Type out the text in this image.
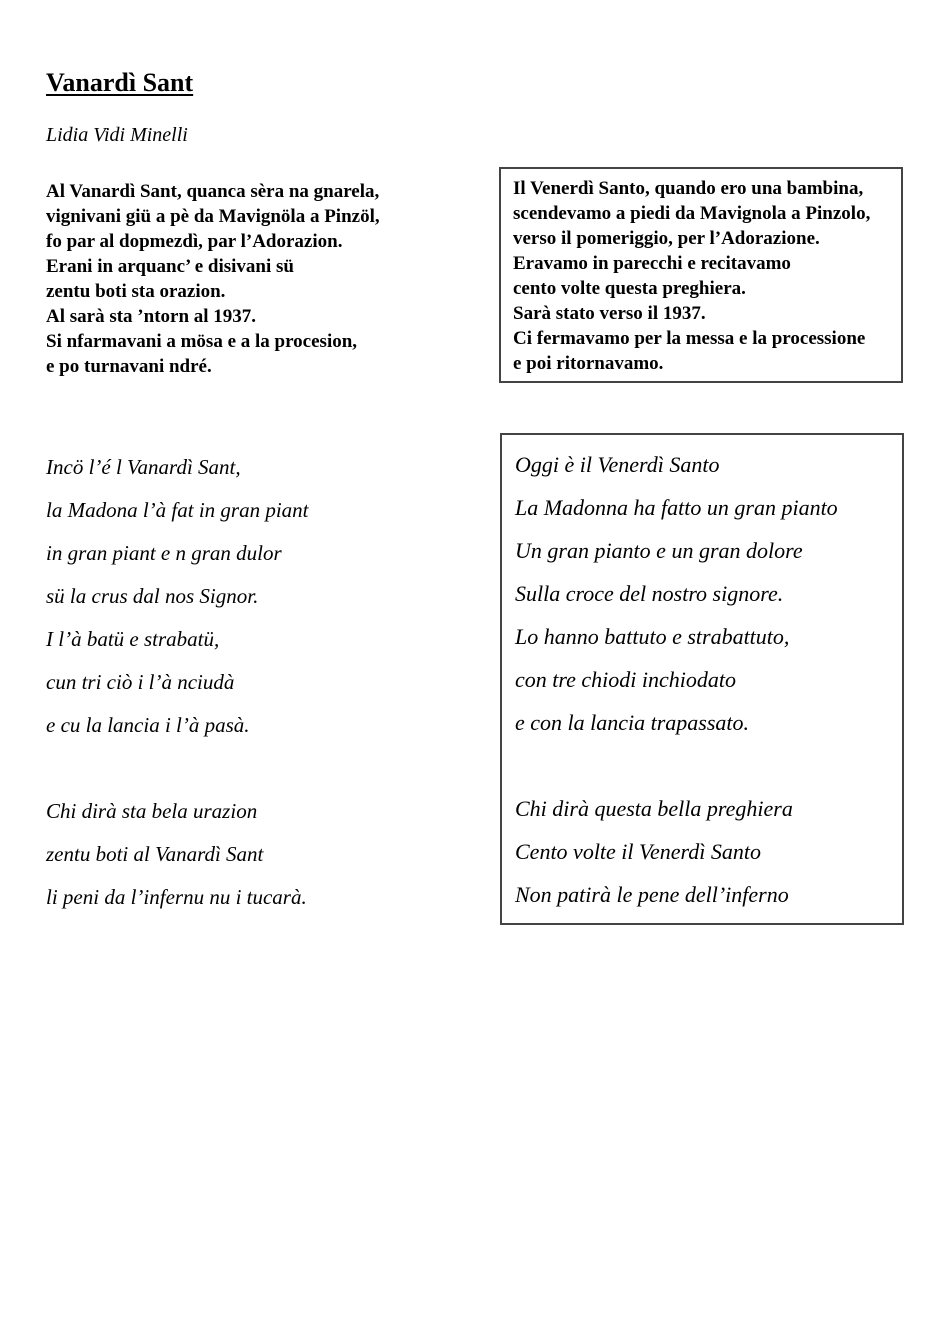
Vanardì Sant

Lidia Vidi Minelli

Al Vanardì Sant, quanca sèra na gnarela,
vignivani giü a pè da Mavignöla a Pinzöl,
fo par al dopmezdì, par l’Adorazion.
Erani in arquanc’ e disivani sü
zentu boti sta orazion.
Al sarà sta ’ntorn al 1937.
Si nfarmavani a mösa e a la procesion,
e po turnavani ndré.
Il Venerdì Santo, quando ero una bambina,
scendevamo a piedi da Mavignola a Pinzolo,
verso il pomeriggio, per l’Adorazione.
Eravamo in parecchi e recitavamo
cento volte questa preghiera.
Sarà stato verso il 1937.
Ci fermavamo per la messa e la processione
e poi ritornavamo.
Incö l’é l Vanardì Sant,
la Madona l’à fat in gran piant
in gran piant e n gran dulor
sü la crus dal nos Signor.
I l’à batü e strabatü,
cun tri ciò i l’à nciudà
e cu la lancia i l’à pasà.
Chi dirà sta bela urazion
zentu boti al Vanardì Sant
li peni da l’infernu nu i tucarà.
Oggi è il Venerdì Santo
La Madonna ha fatto un gran pianto
Un gran pianto e un gran dolore
Sulla croce del nostro signore.
Lo hanno battuto e strabattuto,
con tre chiodi inchiodato
e con la lancia trapassato.
Chi dirà questa bella preghiera
Cento volte il Venerdì Santo
Non patirà le pene dell’inferno
